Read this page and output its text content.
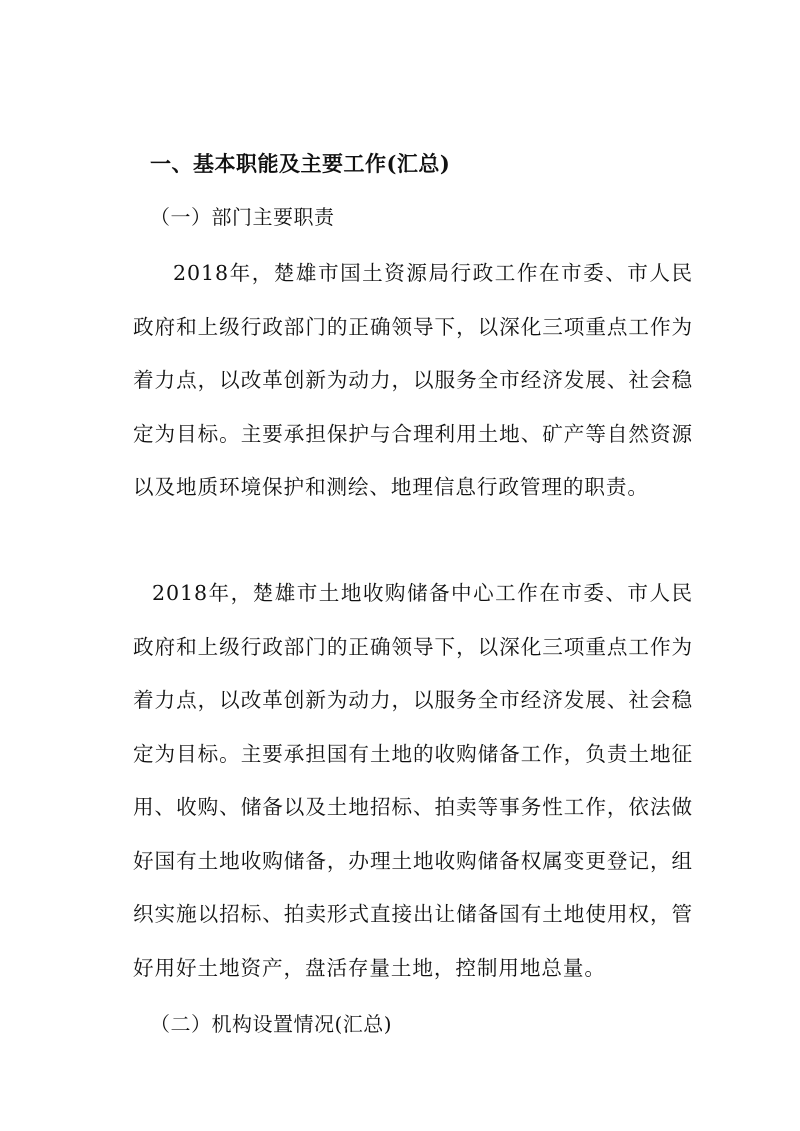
一、基本职能及主要工作(汇总)
（一）部门主要职责

2018年，楚雄市国土资源局行政工作在市委、市人民政府和上级行政部门的正确领导下，以深化三项重点工作为着力点，以改革创新为动力，以服务全市经济发展、社会稳定为目标。主要承担保护与合理利用土地、矿产等自然资源以及地质环境保护和测绘、地理信息行政管理的职责。

2018年，楚雄市土地收购储备中心工作在市委、市人民政府和上级行政部门的正确领导下，以深化三项重点工作为着力点，以改革创新为动力，以服务全市经济发展、社会稳定为目标。主要承担国有土地的收购储备工作，负责土地征用、收购、储备以及土地招标、拍卖等事务性工作，依法做好国有土地收购储备，办理土地收购储备权属变更登记，组织实施以招标、拍卖形式直接出让储备国有土地使用权，管好用好土地资产，盘活存量土地，控制用地总量。

（二）机构设置情况(汇总)
